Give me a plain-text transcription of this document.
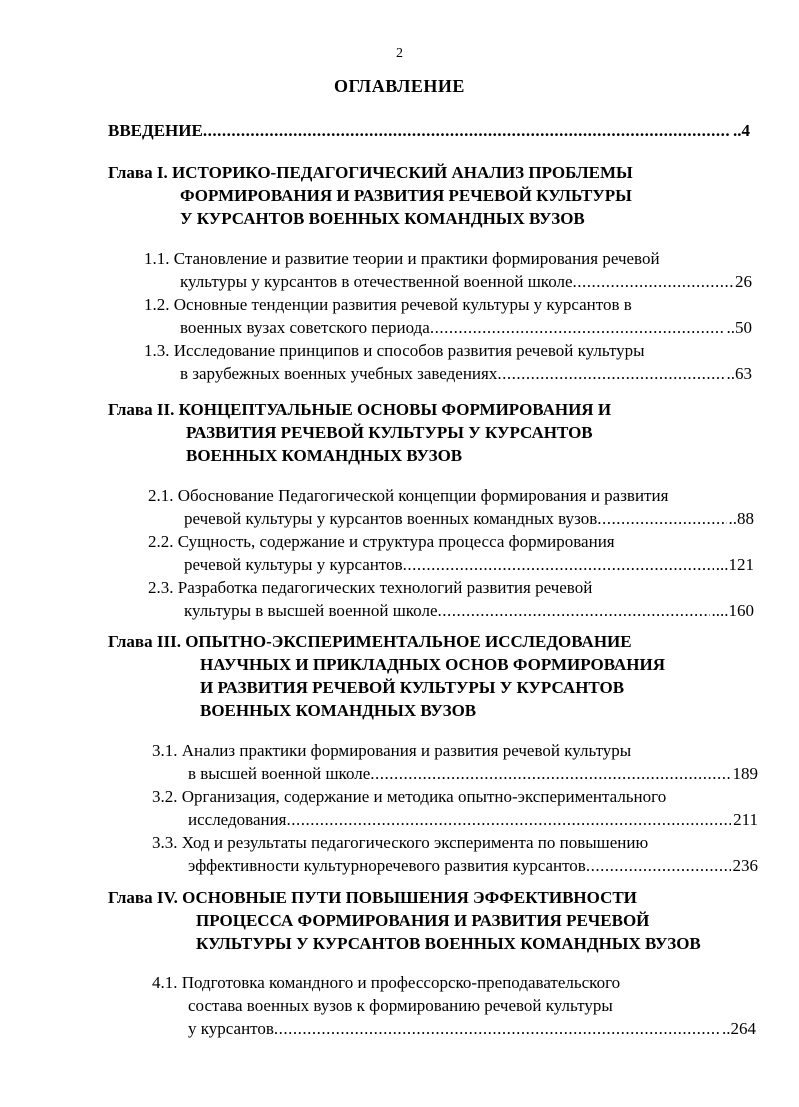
2
ОГЛАВЛЕНИЕ
ВВЕДЕНИЕ .....	..4
Глава I. ИСТОРИКО-ПЕДАГОГИЧЕСКИЙ АНАЛИЗ ПРОБЛЕМЫ
ФОРМИРОВАНИЯ И РАЗВИТИЯ РЕЧЕВОЙ КУЛЬТУРЫ
У КУРСАНТОВ ВОЕННЫХ КОМАНДНЫХ ВУЗОВ
1.1. Становление и развитие теории и практики формирования речевой
культуры у курсантов в отечественной военной школе .....	26
1.2. Основные тенденции развития речевой культуры у курсантов в
военных вузах советского периода .....	..50
1.3. Исследование принципов и способов развития речевой культуры
в зарубежных военных учебных заведениях .....	..63
Глава II. КОНЦЕПТУАЛЬНЫЕ ОСНОВЫ ФОРМИРОВАНИЯ И
РАЗВИТИЯ РЕЧЕВОЙ КУЛЬТУРЫ У КУРСАНТОВ
ВОЕННЫХ КОМАНДНЫХ ВУЗОВ
2.1. Обоснование Педагогической концепции формирования и развития
речевой культуры у курсантов военных командных вузов .....	..88
2.2. Сущность, содержание и структура процесса формирования
речевой культуры у курсантов .....	...121
2.3. Разработка педагогических технологий развития речевой
культуры в высшей военной школе .....	....160
Глава III. ОПЫТНО-ЭКСПЕРИМЕНТАЛЬНОЕ ИССЛЕДОВАНИЕ
НАУЧНЫХ И ПРИКЛАДНЫХ ОСНОВ ФОРМИРОВАНИЯ
И РАЗВИТИЯ РЕЧЕВОЙ КУЛЬТУРЫ У КУРСАНТОВ
ВОЕННЫХ КОМАНДНЫХ ВУЗОВ
3.1. Анализ практики формирования и развития речевой культуры
в высшей военной школе .....	189
3.2. Организация, содержание и методика опытно-экспериментального
исследования .....	211
3.3. Ход и результаты педагогического эксперимента по повышению
эффективности культурноречевого развития курсантов .....	236
Глава IV. ОСНОВНЫЕ ПУТИ ПОВЫШЕНИЯ ЭФФЕКТИВНОСТИ
ПРОЦЕССА ФОРМИРОВАНИЯ И РАЗВИТИЯ РЕЧЕВОЙ
КУЛЬТУРЫ У КУРСАНТОВ ВОЕННЫХ КОМАНДНЫХ ВУЗОВ
4.1. Подготовка командного и профессорско-преподавательского
состава военных вузов к формированию речевой культуры
у курсантов .....	..264
